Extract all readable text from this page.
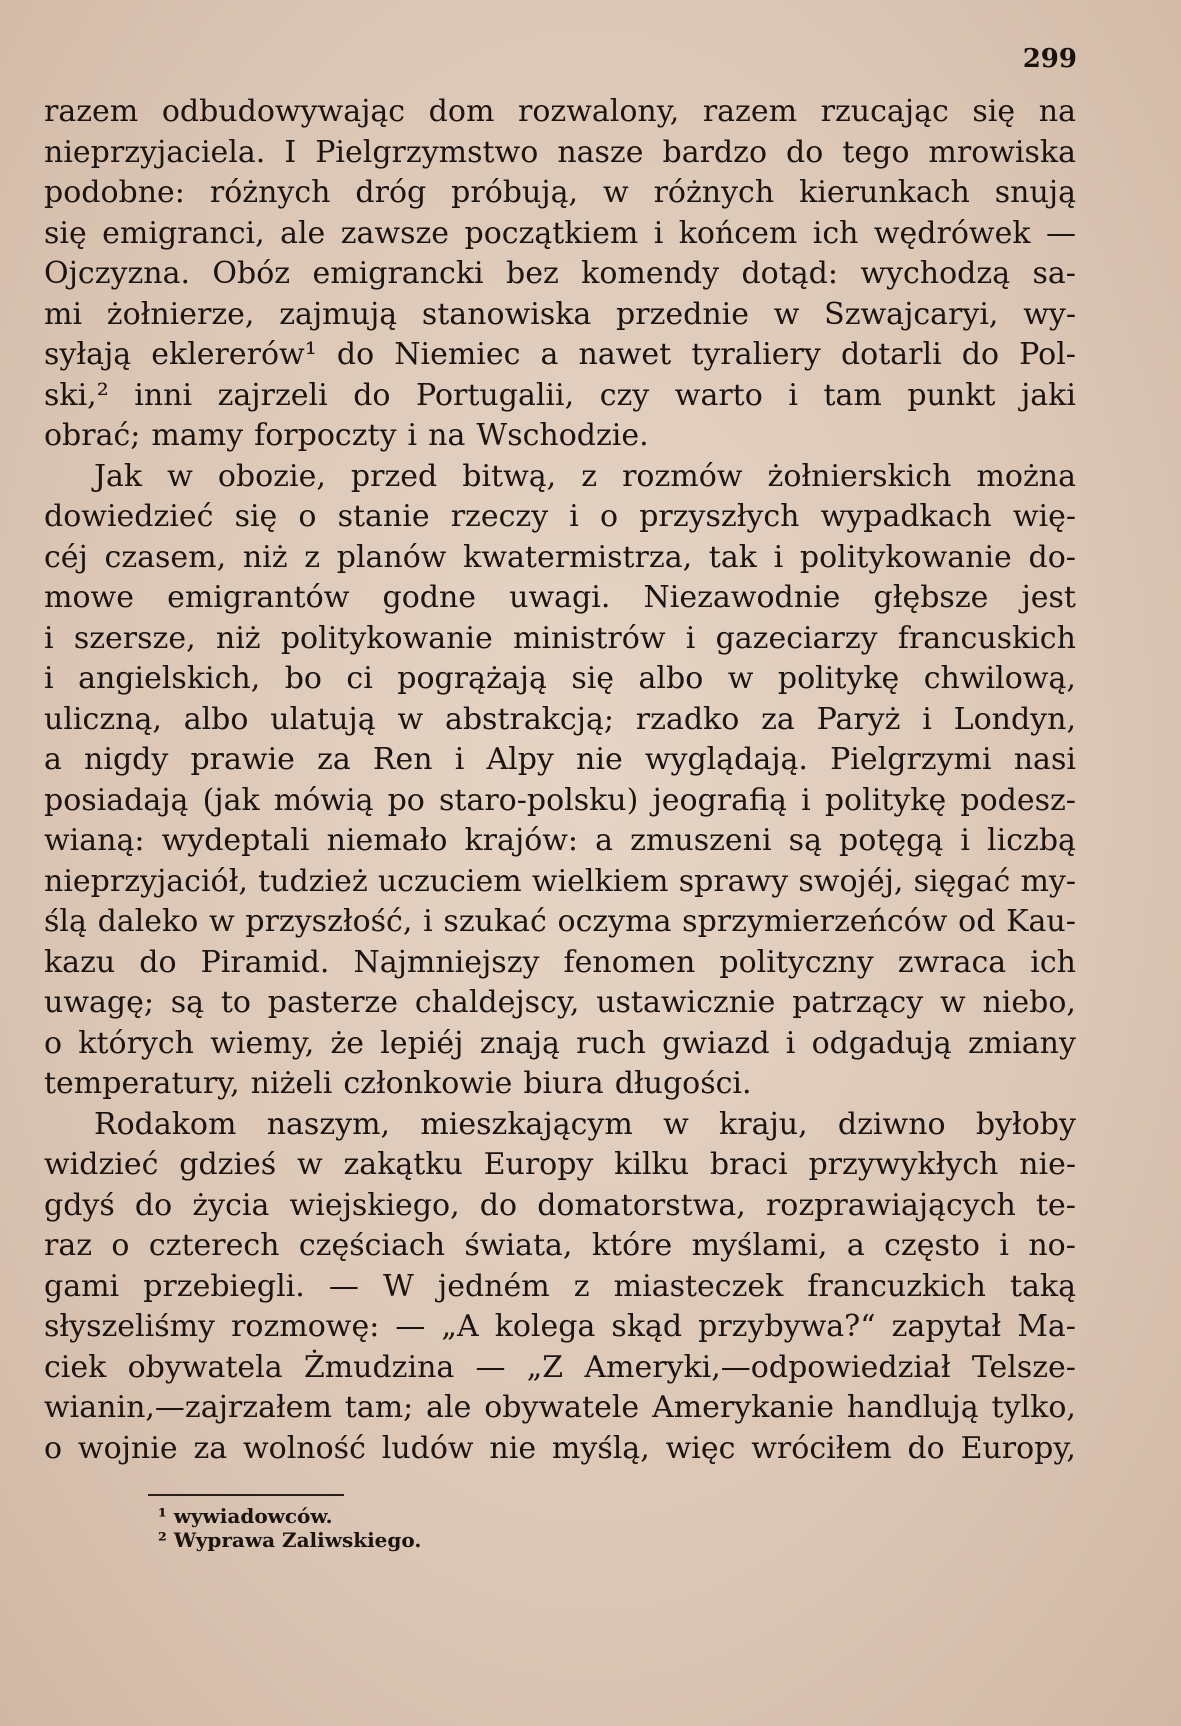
299
razem odbudowywając dom rozwalony, razem rzucając się na
nieprzyjaciela. I Pielgrzymstwo nasze bardzo do tego mrowiska
podobne: różnych dróg próbują, w różnych kierunkach snują
się emigranci, ale zawsze początkiem i końcem ich wędrówek —
Ojczyzna. Obóz emigrancki bez komendy dotąd: wychodzą sa-
mi żołnierze, zajmują stanowiska przednie w Szwajcaryi, wy-
syłają eklererów¹ do Niemiec a nawet tyraliery dotarli do Pol-
ski,² inni zajrzeli do Portugalii, czy warto i tam punkt jaki
obrać; mamy forpoczty i na Wschodzie.
Jak w obozie, przed bitwą, z rozmów żołnierskich można
dowiedzieć się o stanie rzeczy i o przyszłych wypadkach wię-
céj czasem, niż z planów kwatermistrza, tak i politykowanie do-
mowe emigrantów godne uwagi. Niezawodnie głębsze jest
i szersze, niż politykowanie ministrów i gazeciarzy francuskich
i angielskich, bo ci pogrążają się albo w politykę chwilową,
uliczną, albo ulatują w abstrakcją; rzadko za Paryż i Londyn,
a nigdy prawie za Ren i Alpy nie wyglądają. Pielgrzymi nasi
posiadają (jak mówią po staro-polsku) jeografią i politykę podesz-
wianą: wydeptali niemało krajów: a zmuszeni są potęgą i liczbą
nieprzyjaciół, tudzież uczuciem wielkiem sprawy swojéj, sięgać my-
ślą daleko w przyszłość, i szukać oczyma sprzymierzeńców od Kau-
kazu do Piramid. Najmniejszy fenomen polityczny zwraca ich
uwagę; są to pasterze chaldejscy, ustawicznie patrzący w niebo,
o których wiemy, że lepiéj znają ruch gwiazd i odgadują zmiany
temperatury, niżeli członkowie biura długości.
Rodakom naszym, mieszkającym w kraju, dziwno byłoby
widzieć gdzieś w zakątku Europy kilku braci przywykłych nie-
gdyś do życia wiejskiego, do domatorstwa, rozprawiających te-
raz o czterech częściach świata, które myślami, a często i no-
gami przebiegli. — W jedném z miasteczek francuzkich taką
słyszeliśmy rozmowę: — „A kolega skąd przybywa?“ zapytał Ma-
ciek obywatela Żmudzina — „Z Ameryki,—odpowiedział Telsze-
wianin,—zajrzałem tam; ale obywatele Amerykanie handlują tylko,
o wojnie za wolność ludów nie myślą, więc wróciłem do Europy,
¹ wywiadowców.
² Wyprawa Zaliwskiego.
